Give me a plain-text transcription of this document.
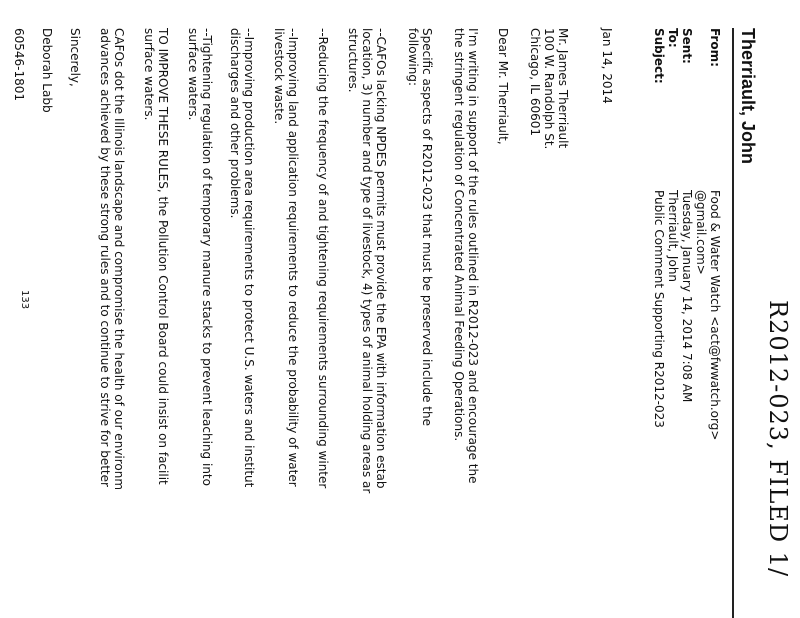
R2012-023, FILED 1/
Therriault, John
From:
Food & Water Watch <act@fwwatch.org>
@gmail.com>
Sent:
Tuesday, January 14, 2014 7:08 AM
To:
Therriault, John
Subject:
Public Comment Supporting R2012-023

Jan 14, 2014

Mr. James Therriault

100 W. Randolph St.

Chicago, IL 60601

Dear Mr. Therriault,

I'm writing in support of the rules outlined in R2012-023 and encourage the

the stringent regulation of Concentrated Animal Feeding Operations.

Specific aspects of R2012-023 that must be preserved include the

following:

--CAFOs lacking NPDES permits must provide the EPA with information estab

location, 3) number and type of livestock, 4) types of animal holding areas ar

structures.

--Reducing the frequency of and tightening requirements surrounding winter

--Improving land application requirements to reduce the probability of water

livestock waste.

--Improving production area requirements to protect U.S. waters and institut

discharges and other problems.

--Tightening regulation of temporary manure stacks to prevent leaching into

surface waters.

TO IMPROVE THESE RULES, the Pollution Control Board could insist on facilit

surface waters.

CAFOs dot the Illinois landscape and compromise the health of our environm

advances achieved by these strong rules and to continue to strive for better

Sincerely,

Deborah Labb

60546-1801

133
